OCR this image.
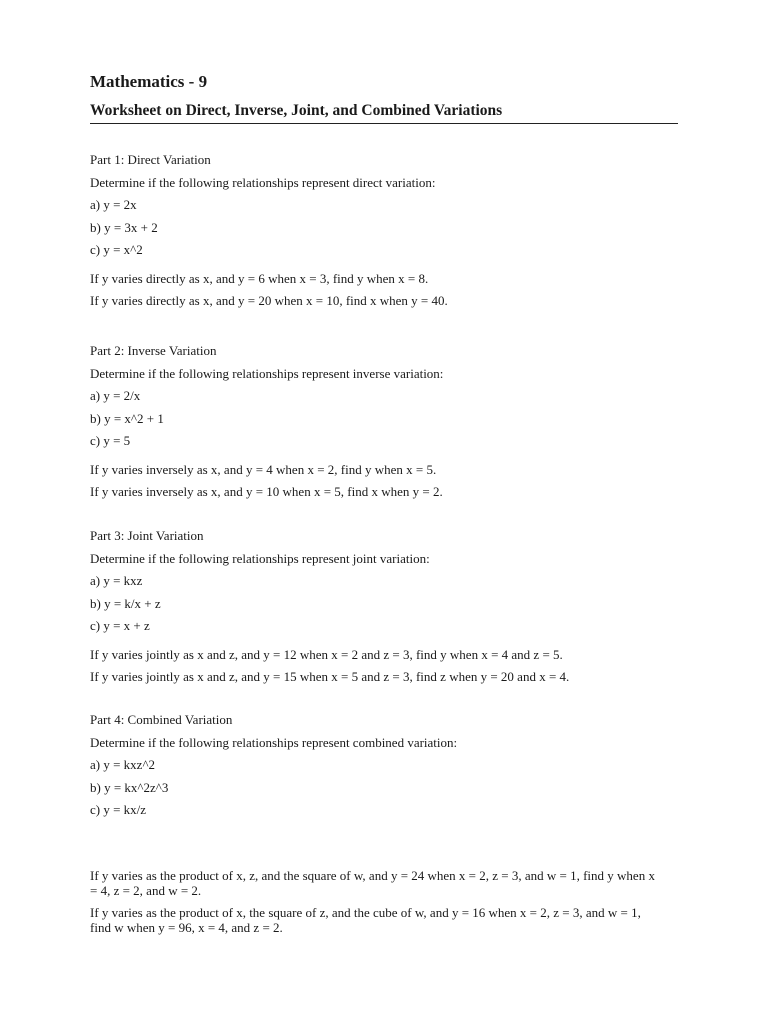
Mathematics - 9
Worksheet on Direct, Inverse, Joint, and Combined Variations
Part 1: Direct Variation
Determine if the following relationships represent direct variation:
a) y = 2x
b) y = 3x + 2
c) y = x^2
If y varies directly as x, and y = 6 when x = 3, find y when x = 8.
If y varies directly as x, and y = 20 when x = 10, find x when y = 40.
Part 2: Inverse Variation
Determine if the following relationships represent inverse variation:
a) y = 2/x
b) y = x^2 + 1
c) y = 5
If y varies inversely as x, and y = 4 when x = 2, find y when x = 5.
If y varies inversely as x, and y = 10 when x = 5, find x when y = 2.
Part 3: Joint Variation
Determine if the following relationships represent joint variation:
a) y = kxz
b) y = k/x + z
c) y = x + z
If y varies jointly as x and z, and y = 12 when x = 2 and z = 3, find y when x = 4 and z = 5.
If y varies jointly as x and z, and y = 15 when x = 5 and z = 3, find z when y = 20 and x = 4.
Part 4: Combined Variation
Determine if the following relationships represent combined variation:
a) y = kxz^2
b) y = kx^2z^3
c) y = kx/z
If y varies as the product of x, z, and the square of w, and y = 24 when x = 2, z = 3, and w = 1, find y when x = 4, z = 2, and w = 2.
If y varies as the product of x, the square of z, and the cube of w, and y = 16 when x = 2, z = 3, and w = 1, find w when y = 96, x = 4, and z = 2.
